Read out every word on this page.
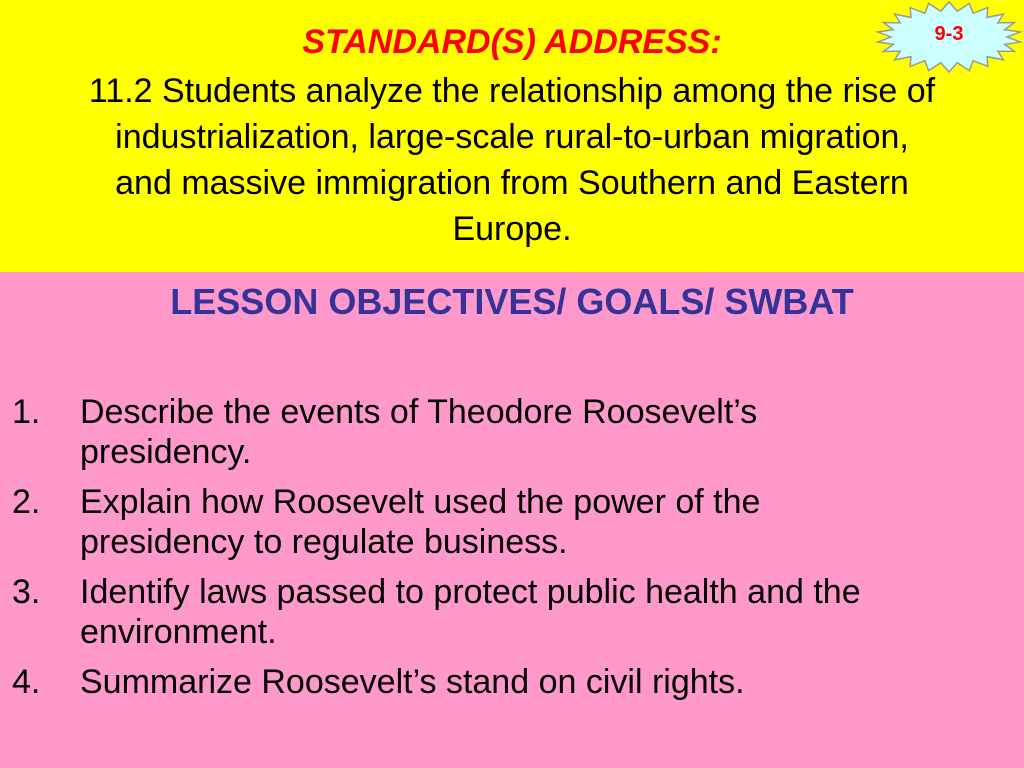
STANDARD(S) ADDRESS:
11.2 Students analyze the relationship among the rise of
industrialization, large-scale rural-to-urban migration,
and massive immigration from Southern and Eastern
Europe.
9-3
LESSON OBJECTIVES/ GOALS/ SWBAT
1.	Describe the events of Theodore Roosevelt’s
presidency.
2.	Explain how Roosevelt used the power of the
presidency to regulate business.
3.	Identify laws passed to protect public health and the
environment.
4.	Summarize Roosevelt’s stand on civil rights.
